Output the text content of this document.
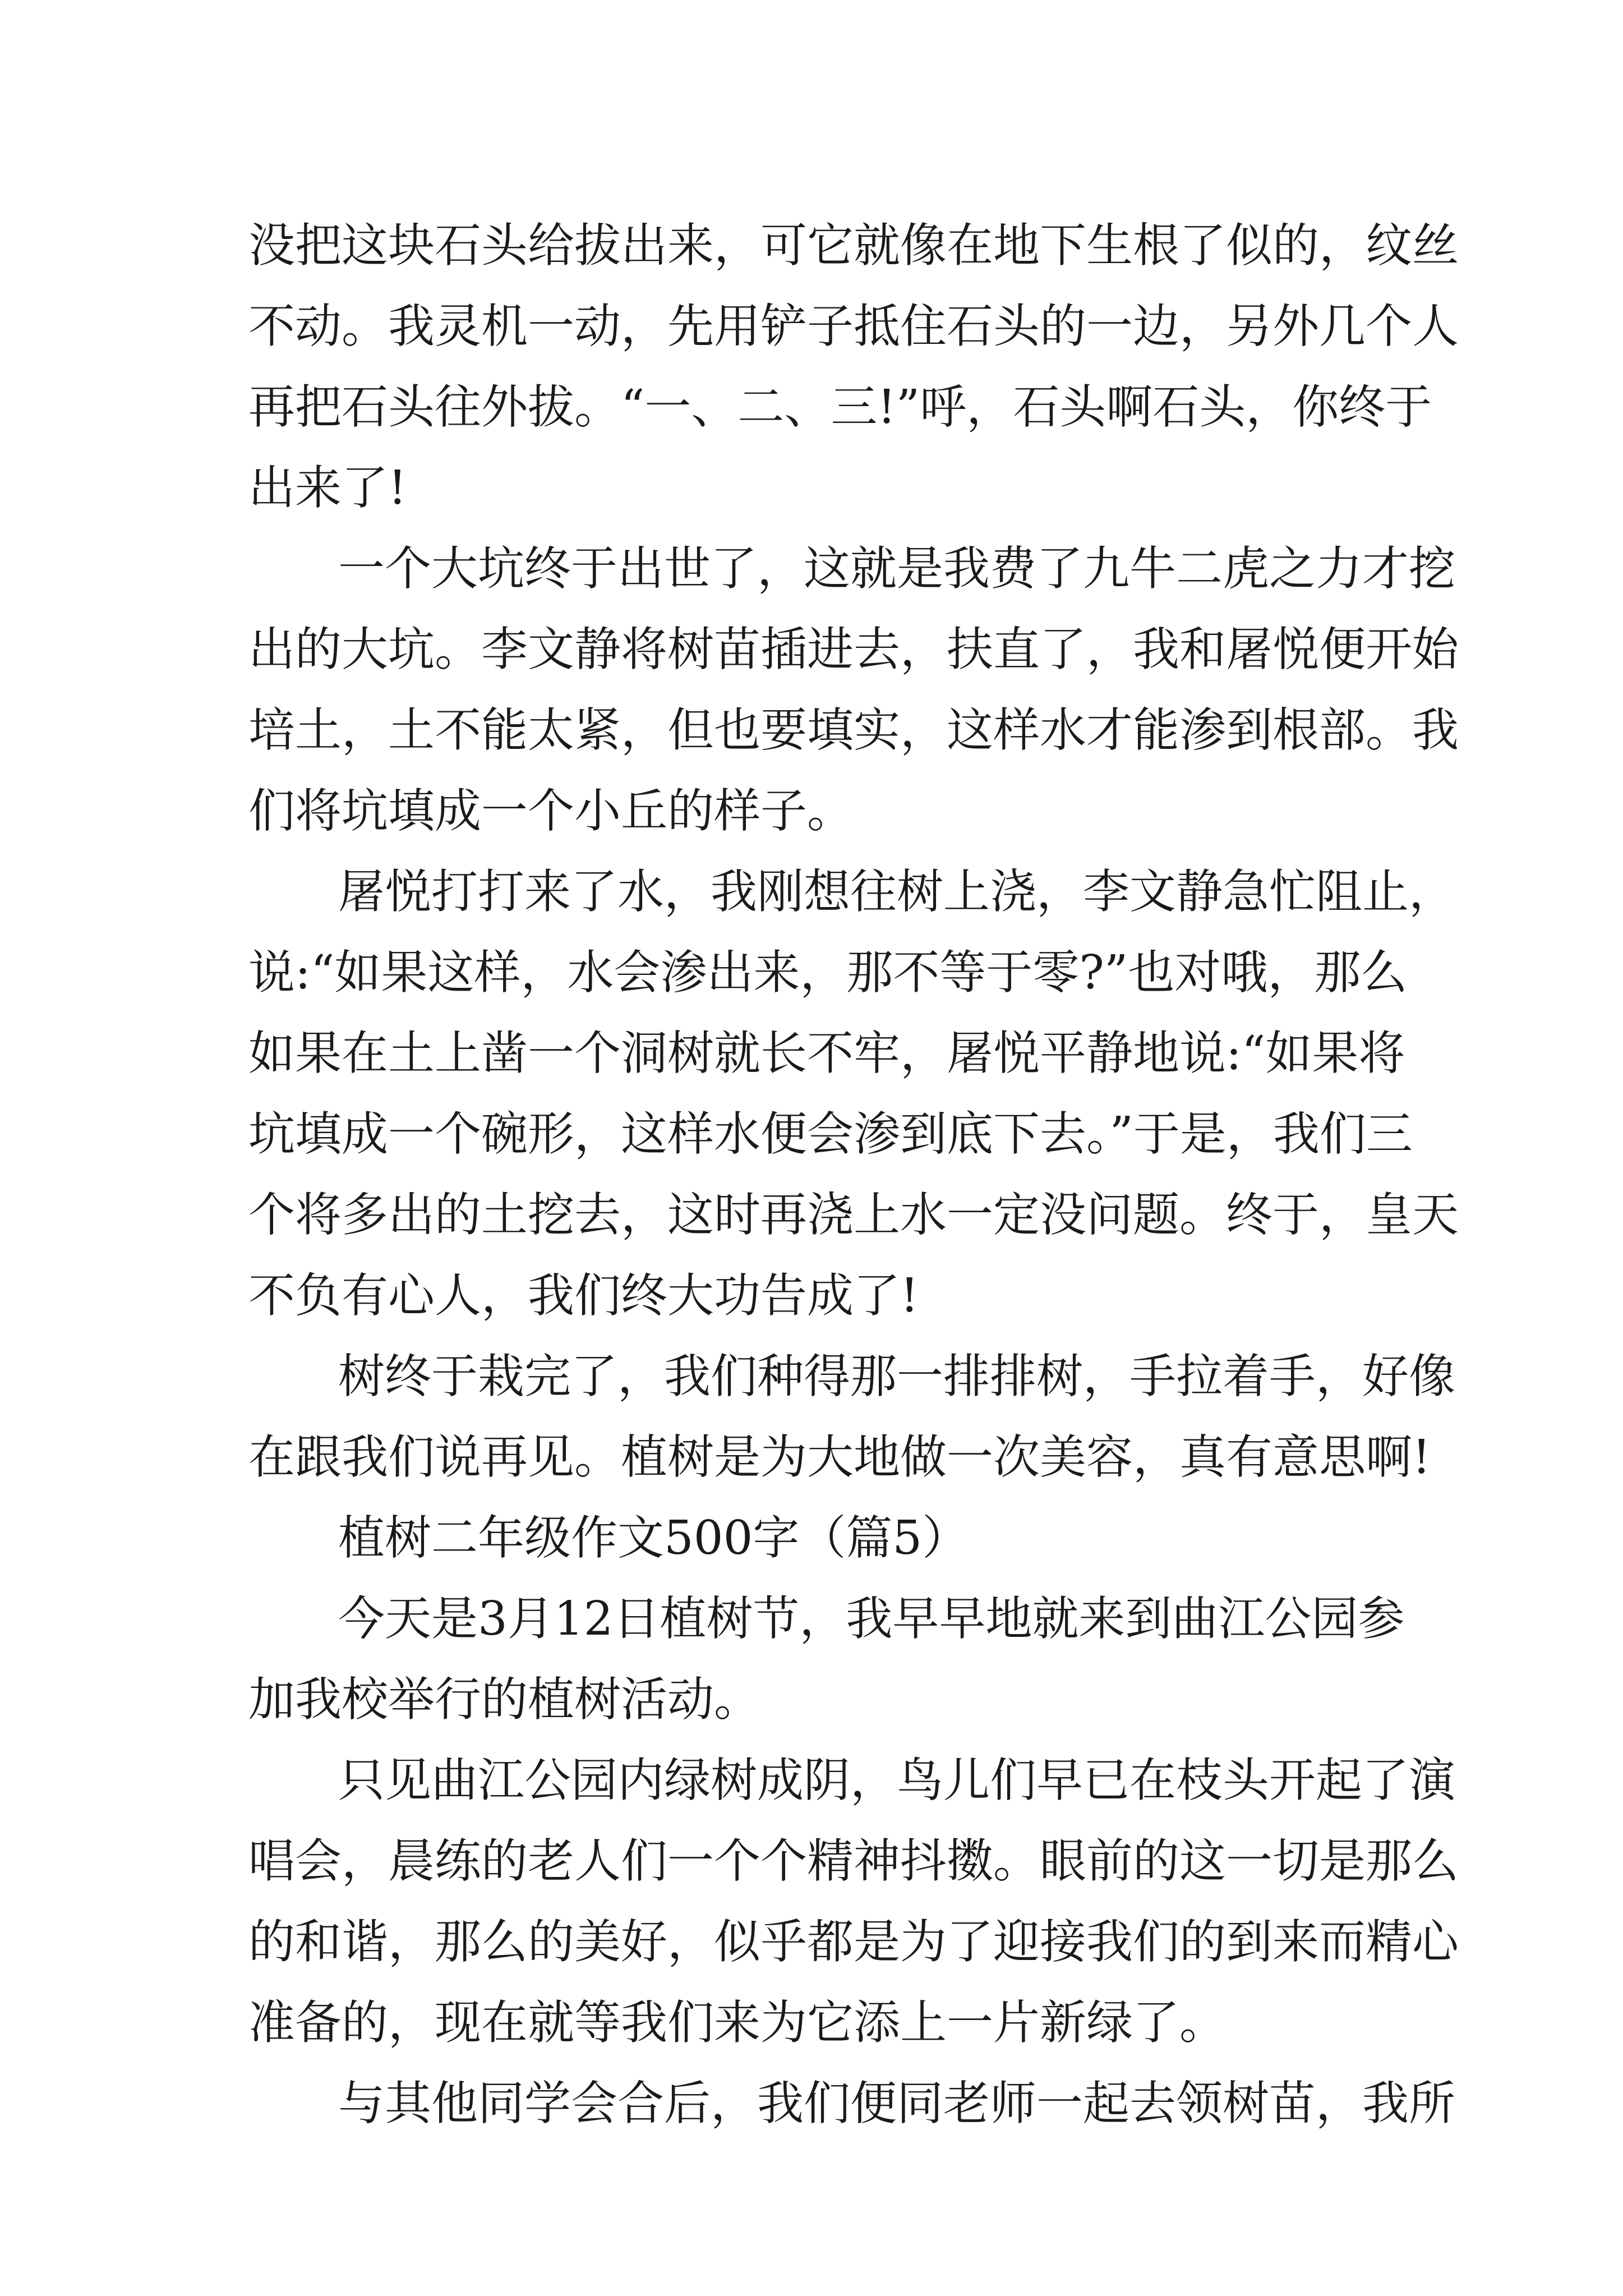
没把这块石头给拔出来，可它就像在地下生根了似的，纹丝
不动。我灵机一动，先用铲子抵住石头的一边，另外几个人
再把石头往外拔。“一、二、三!”呼，石头啊石头，你终于
出来了!
一个大坑终于出世了，这就是我费了九牛二虎之力才挖
出的大坑。李文静将树苗插进去，扶直了，我和屠悦便开始
培土，土不能太紧，但也要填实，这样水才能渗到根部。我
们将坑填成一个小丘的样子。
屠悦打打来了水，我刚想往树上浇，李文静急忙阻止，
说:“如果这样，水会渗出来，那不等于零?”也对哦，那么
如果在土上凿一个洞树就长不牢，屠悦平静地说:“如果将
坑填成一个碗形，这样水便会渗到底下去。”于是，我们三
个将多出的土挖去，这时再浇上水一定没问题。终于，皇天
不负有心人，我们终大功告成了!
树终于栽完了，我们种得那一排排树，手拉着手，好像
在跟我们说再见。植树是为大地做一次美容，真有意思啊!
植树二年级作文500字（篇5）
今天是3月12日植树节，我早早地就来到曲江公园参
加我校举行的植树活动。
只见曲江公园内绿树成阴，鸟儿们早已在枝头开起了演
唱会，晨练的老人们一个个精神抖擞。眼前的这一切是那么
的和谐，那么的美好，似乎都是为了迎接我们的到来而精心
准备的，现在就等我们来为它添上一片新绿了。
与其他同学会合后，我们便同老师一起去领树苗，我所
